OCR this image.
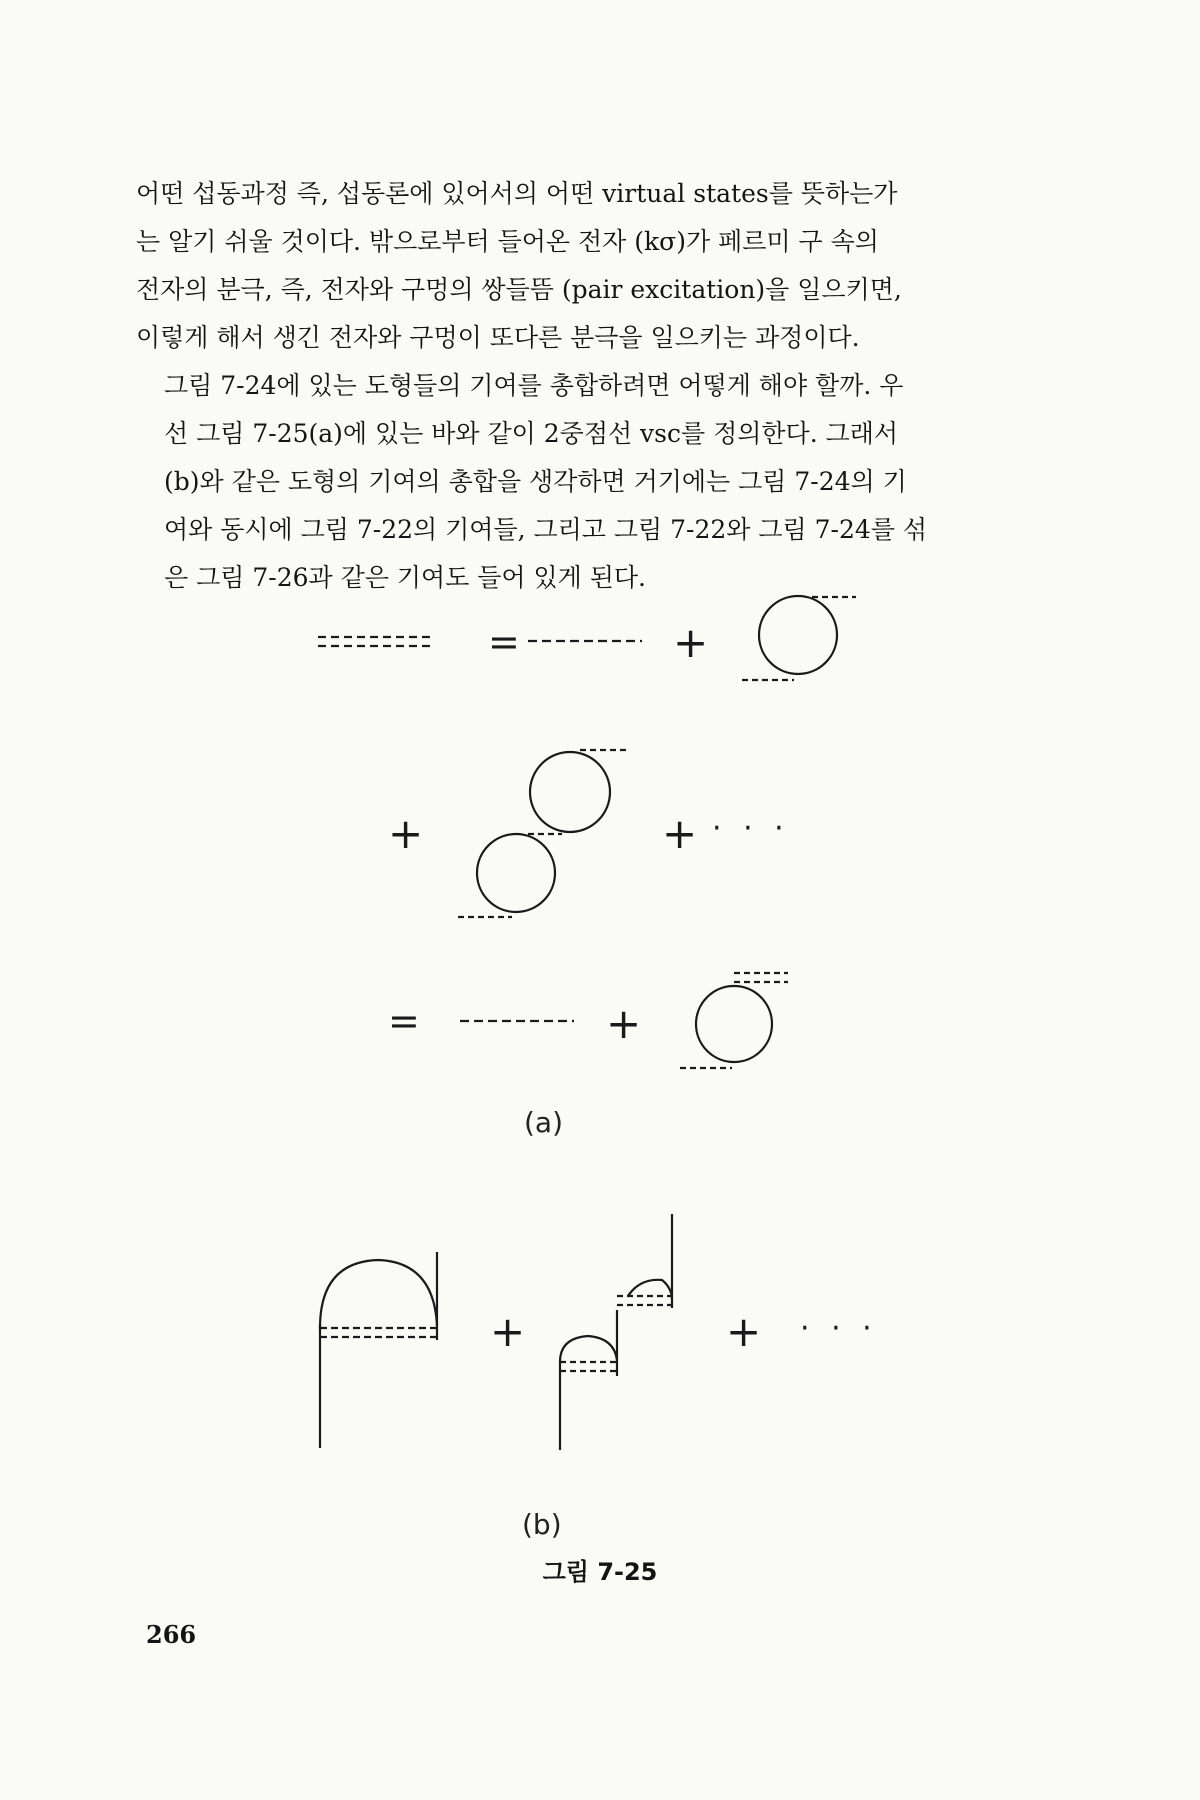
어떤 섭동과정 즉, 섭동론에 있어서의 어떤 virtual states를 뜻하는가
는 알기 쉬울 것이다. 밖으로부터 들어온 전자 (kσ)가 페르미 구 속의
전자의 분극, 즉, 전자와 구멍의 쌍들뜸 (pair excitation)을 일으키면,
이렇게 해서 생긴 전자와 구멍이 또다른 분극을 일으키는 과정이다.

그림 7-24에 있는 도형들의 기여를 총합하려면 어떻게 해야 할까. 우
선 그림 7-25(a)에 있는 바와 같이 2중점선 vsc를 정의한다. 그래서
(b)와 같은 도형의 기여의 총합을 생각하면 거기에는 그림 7-24의 기
여와 동시에 그림 7-22의 기여들, 그리고 그림 7-22와 그림 7-24를 섞
은 그림 7-26과 같은 기여도 들어 있게 된다.

=	+
+	+ · · ·
=	+
+	+ · · ·
(a)
(b)
그림 7-25
266
